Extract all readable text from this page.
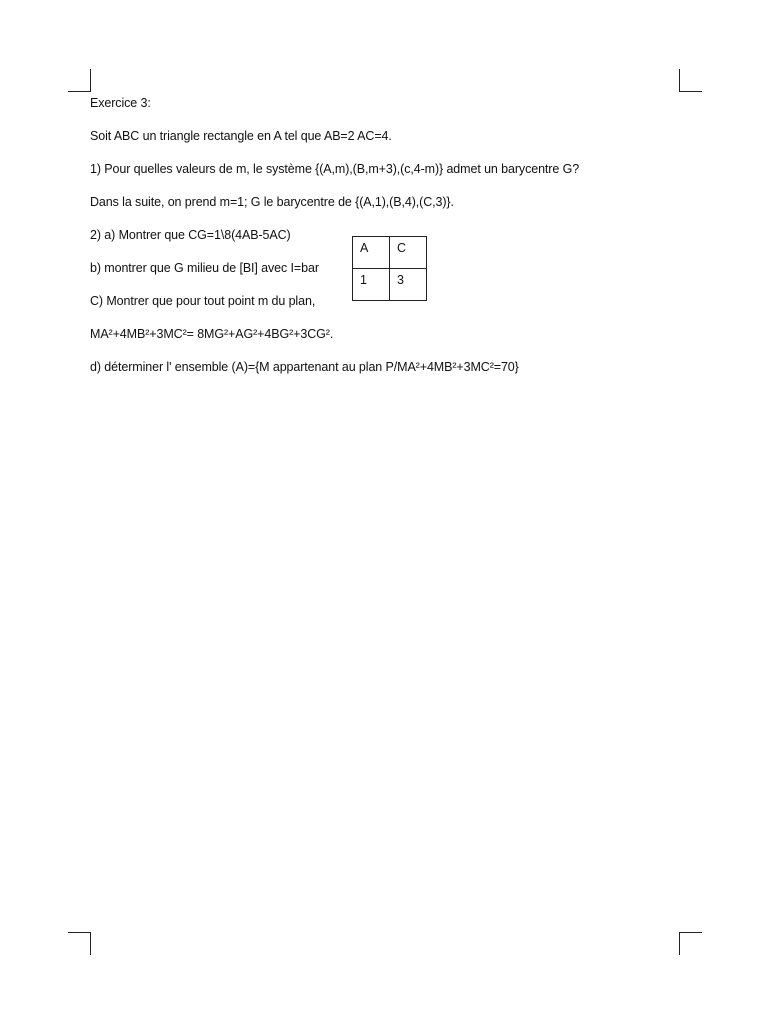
Exercice 3:
Soit ABC un triangle rectangle en A tel que AB=2 AC=4.
1) Pour quelles valeurs de m, le système {(A,m),(B,m+3),(c,4-m)} admet un barycentre G?
Dans la suite, on prend m=1; G le barycentre de {(A,1),(B,4),(C,3)}.
2) a) Montrer que CG=1\8(4AB-5AC)
b) montrer que G milieu de [BI] avec I=bar
C) Montrer que pour tout point m du plan,
MA²+4MB²+3MC²= 8MG²+AG²+4BG²+3CG².
d) déterminer l' ensemble (A)={M appartenant au plan P/MA²+4MB²+3MC²=70}
A	C
1	3
